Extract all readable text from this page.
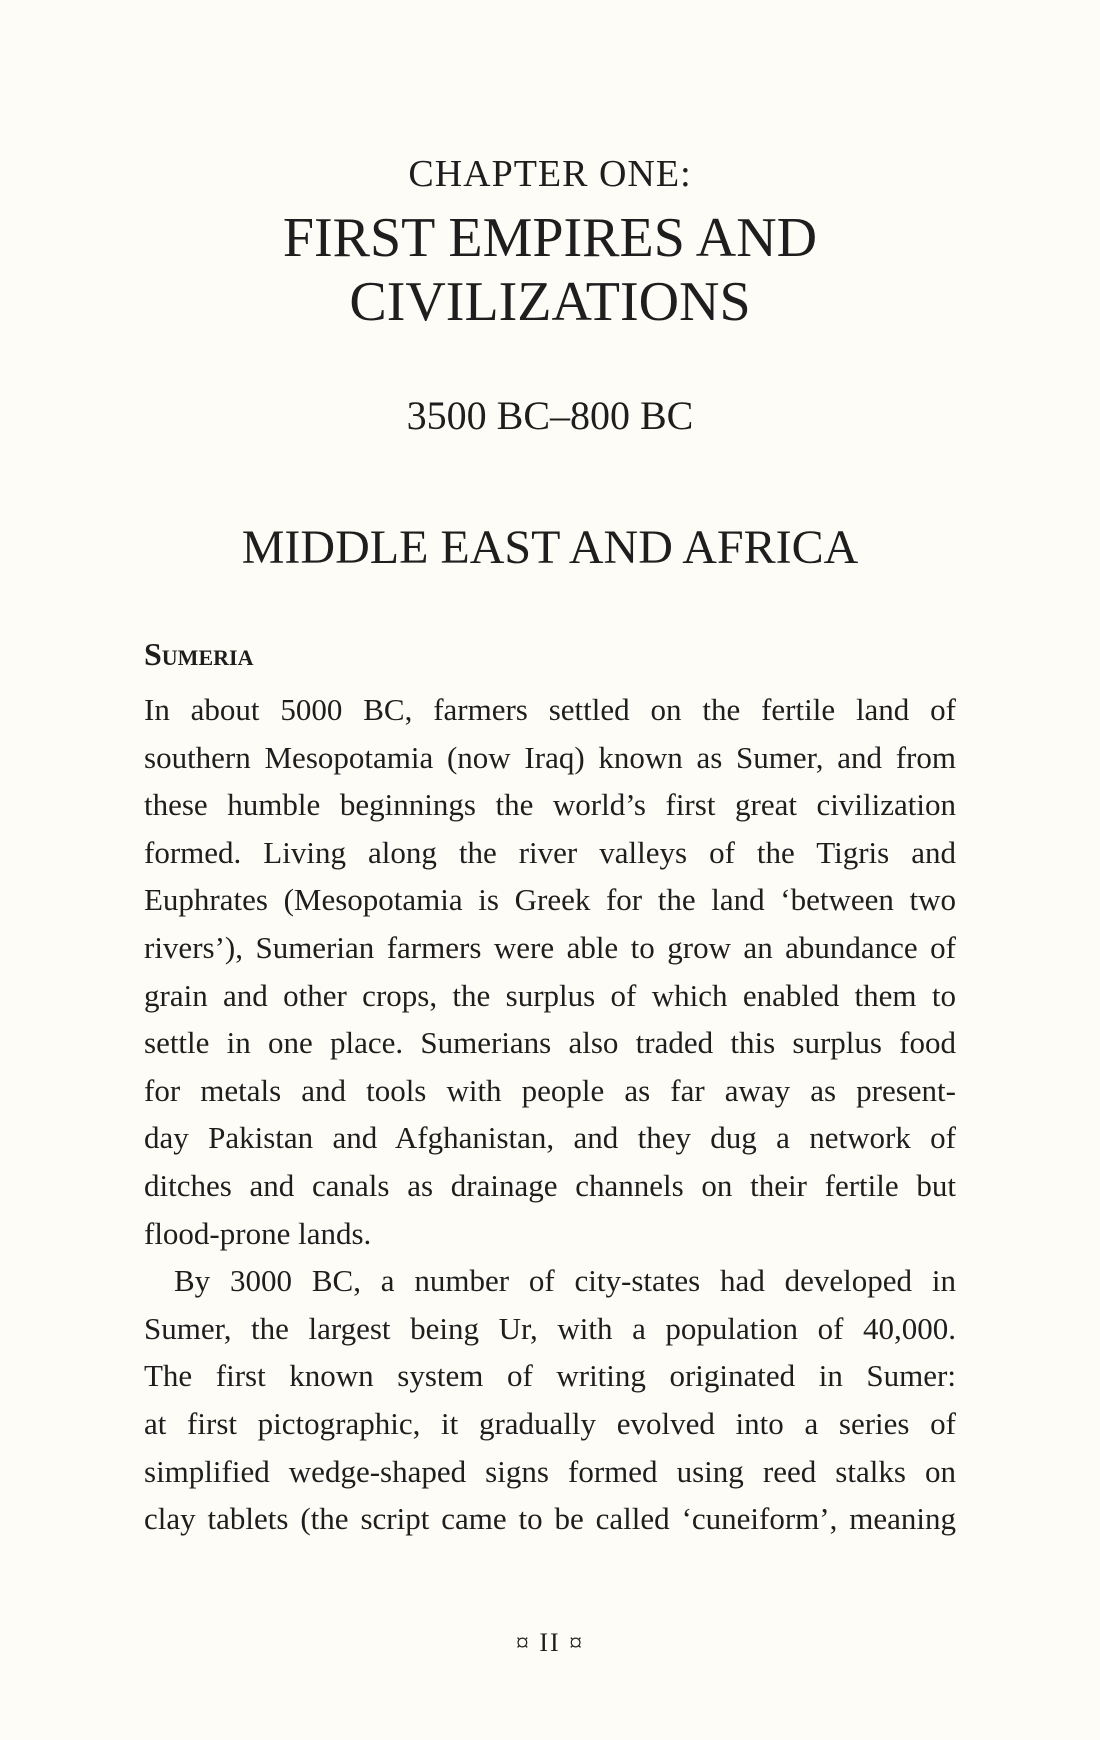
CHAPTER ONE:
FIRST EMPIRES AND
CIVILIZATIONS
3500 BC–800 BC
MIDDLE EAST AND AFRICA
Sumeria
In about 5000 BC, farmers settled on the fertile land of
southern Mesopotamia (now Iraq) known as Sumer, and from
these humble beginnings the world’s first great civilization
formed. Living along the river valleys of the Tigris and
Euphrates (Mesopotamia is Greek for the land ‘between two
rivers’), Sumerian farmers were able to grow an abundance of
grain and other crops, the surplus of which enabled them to
settle in one place. Sumerians also traded this surplus food
for metals and tools with people as far away as present-
day Pakistan and Afghanistan, and they dug a network of
ditches and canals as drainage channels on their fertile but
flood-prone lands.
By 3000 BC, a number of city-states had developed in
Sumer, the largest being Ur, with a population of 40,000.
The first known system of writing originated in Sumer:
at first pictographic, it gradually evolved into a series of
simplified wedge-shaped signs formed using reed stalks on
clay tablets (the script came to be called ‘cuneiform’, meaning
¤ II ¤
